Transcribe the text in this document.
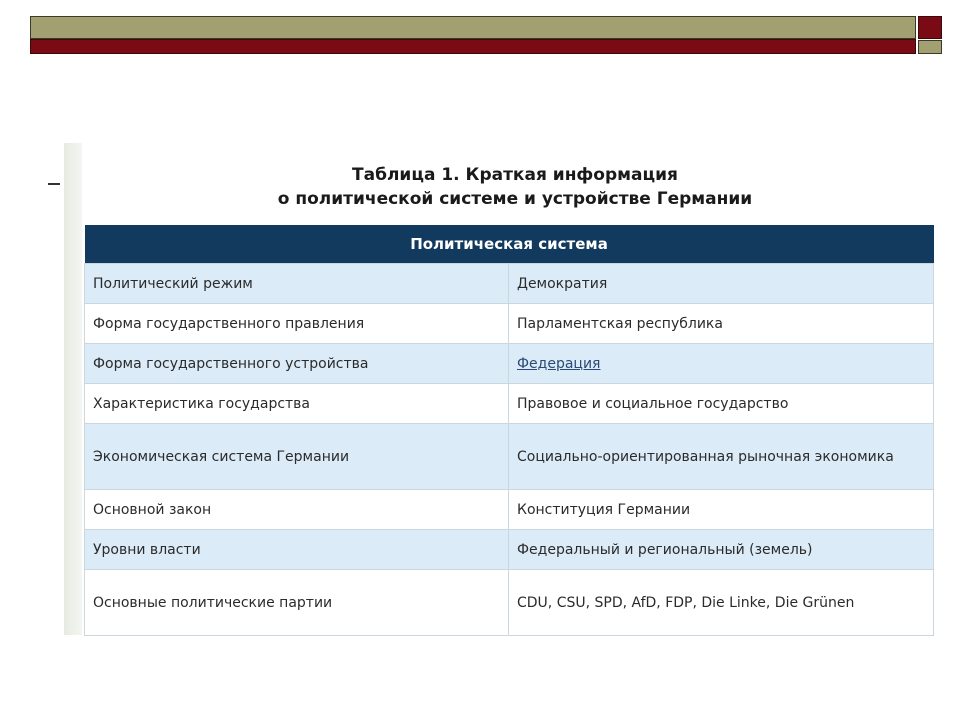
Таблица 1. Краткая информация
о политической системе и устройстве Германии
Политическая система	
Политический режим	Демократия
Форма государственного правления	Парламентская республика
Форма государственного устройства	Федерация
Характеристика государства	Правовое и социальное государство
Экономическая система Германии	Социально-ориентированная рыночная экономика
Основной закон	Конституция Германии
Уровни власти	Федеральный и региональный (земель)
Основные политические партии	CDU, CSU, SPD, AfD, FDP, Die Linke, Die Grünen
